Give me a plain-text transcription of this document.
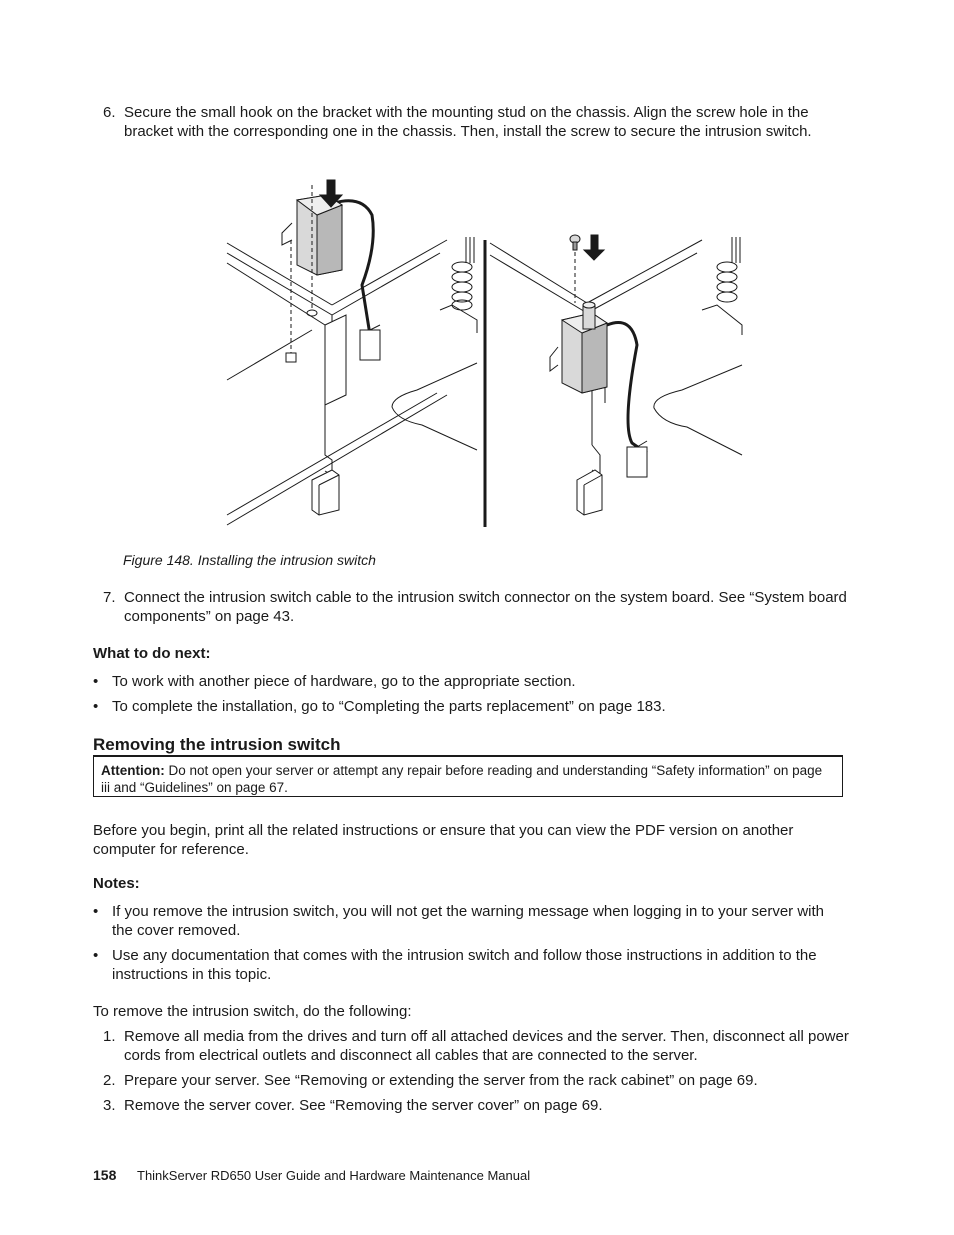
6. Secure the small hook on the bracket with the mounting stud on the chassis. Align the screw hole in the bracket with the corresponding one in the chassis. Then, install the screw to secure the intrusion switch.
Figure 148. Installing the intrusion switch
7. Connect the intrusion switch cable to the intrusion switch connector on the system board. See “System board components” on page 43.
What to do next:
• To work with another piece of hardware, go to the appropriate section.
• To complete the installation, go to “Completing the parts replacement” on page 183.
Removing the intrusion switch
Attention: Do not open your server or attempt any repair before reading and understanding “Safety information” on page iii and “Guidelines” on page 67.
Before you begin, print all the related instructions or ensure that you can view the PDF version on another computer for reference.
Notes:
• If you remove the intrusion switch, you will not get the warning message when logging in to your server with the cover removed.
• Use any documentation that comes with the intrusion switch and follow those instructions in addition to the instructions in this topic.
To remove the intrusion switch, do the following:
1. Remove all media from the drives and turn off all attached devices and the server. Then, disconnect all power cords from electrical outlets and disconnect all cables that are connected to the server.
2. Prepare your server. See “Removing or extending the server from the rack cabinet” on page 69.
3. Remove the server cover. See “Removing the server cover” on page 69.
158 ThinkServer RD650 User Guide and Hardware Maintenance Manual
